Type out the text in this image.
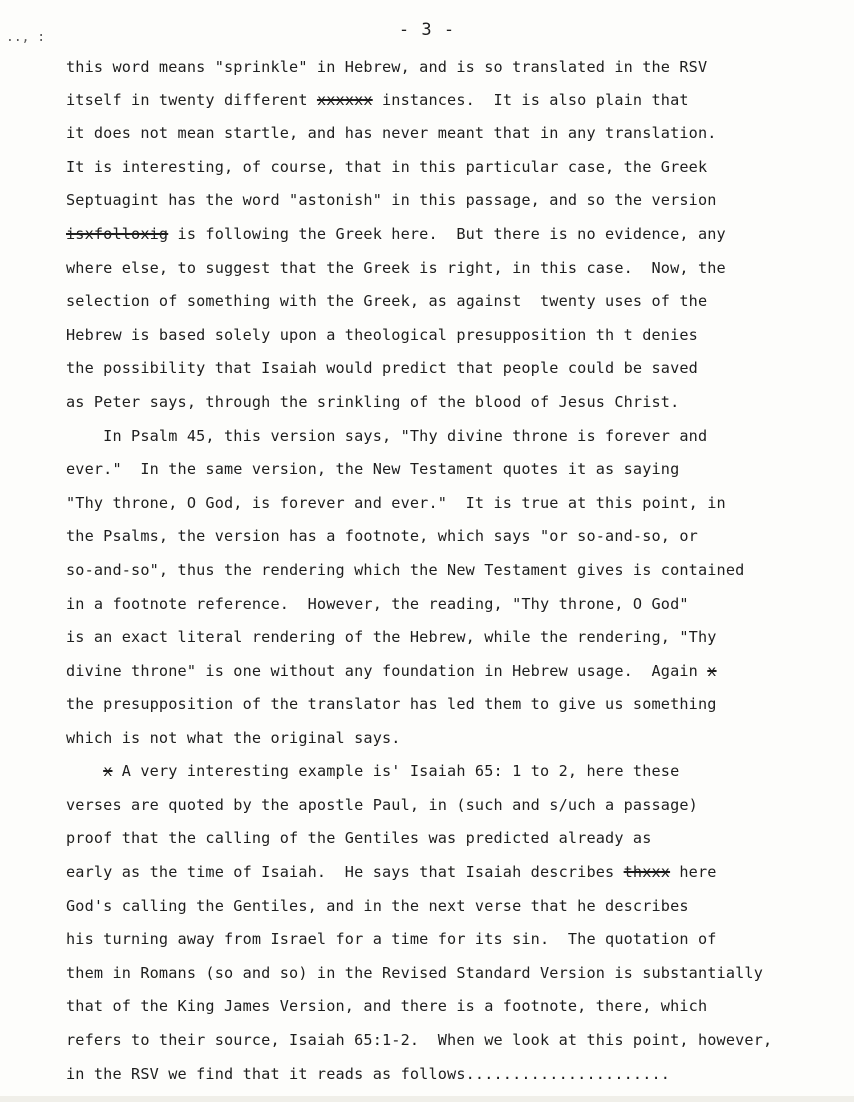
.., :	- 3 -
this word means "sprinkle" in Hebrew, and is so translated in the RSV
itself in twenty different xxxxxx instances.  It is also plain that
it does not mean startle, and has never meant that in any translation.
It is interesting, of course, that in this particular case, the Greek
Septuagint has the word "astonish" in this passage, and so the version
isxfolloxig is following the Greek here.  But there is no evidence, any
where else, to suggest that the Greek is right, in this case.  Now, the
selection of something with the Greek, as against  twenty uses of the
Hebrew is based solely upon a theological presupposition th t denies
the possibility that Isaiah would predict that people could be saved
as Peter says, through the srinkling of the blood of Jesus Christ.
In Psalm 45, this version says, "Thy divine throne is forever and
ever."  In the same version, the New Testament quotes it as saying
"Thy throne, O God, is forever and ever."  It is true at this point, in
the Psalms, the version has a footnote, which says "or so-and-so, or
so-and-so", thus the rendering which the New Testament gives is contained
in a footnote reference.  However, the reading, "Thy throne, O God"
is an exact literal rendering of the Hebrew, while the rendering, "Thy
divine throne" is one without any foundation in Hebrew usage.  Again x
the presupposition of the translator has led them to give us something
which is not what the original says.
x A very interesting example is' Isaiah 65: 1 to 2, here these
verses are quoted by the apostle Paul, in (such and s/uch a passage)
proof that the calling of the Gentiles was predicted already as
early as the time of Isaiah.  He says that Isaiah describes thxxx here
God's calling the Gentiles, and in the next verse that he describes
his turning away from Israel for a time for its sin.  The quotation of
them in Romans (so and so) in the Revised Standard Version is substantially
that of the King James Version, and there is a footnote, there, which
refers to their source, Isaiah 65:1-2.  When we look at this point, however,
in the RSV we find that it reads as follows......................
